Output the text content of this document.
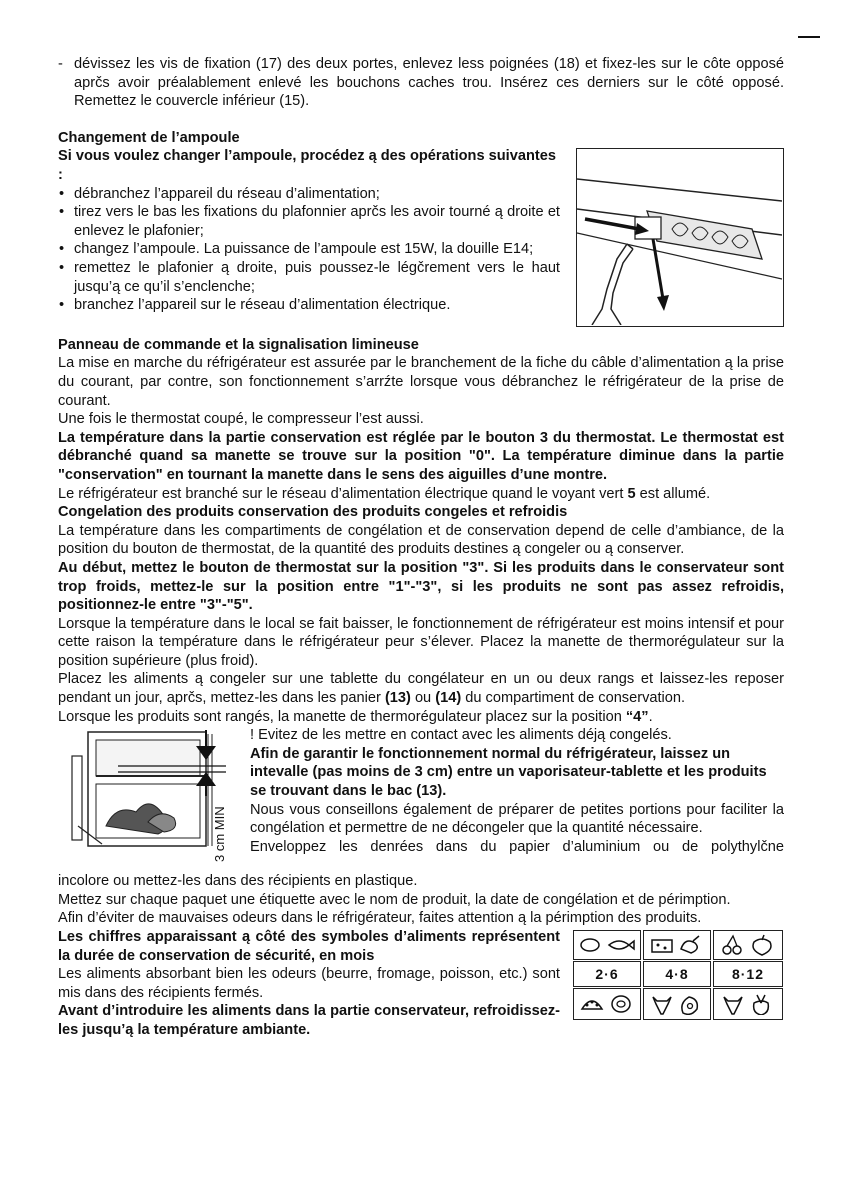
- dévissez les vis de fixation (17) des deux portes, enlevez less poignées (18) et fixez-les sur le côte opposé aprčs avoir préalablement enlevé les bouchons caches trou. Insérez ces derniers sur le côté opposé. Remettez le couvercle inférieur (15).

Changement de l’ampoule

Si vous voulez changer l’ampoule, procédez ą des opérations suivantes :

• débranchez l’appareil du réseau d’alimentation;
• tirez vers le bas les fixations du plafonnier aprčs les avoir tourné ą droite et enlevez le plafonier;
• changez l’ampoule. La puissance de l’ampoule est 15W, la douille E14;
• remettez le plafonier ą droite, puis poussez-le légčrement vers le haut jusqu’ą ce qu’il s’enclenche;
• branchez l’appareil sur le réseau d’alimentation électrique.

Panneau de commande et la signalisation limineuse

La mise en marche du réfrigérateur est assurée par le branchement de la fiche du câble d’alimentation ą la prise du courant, par contre, son fonctionnement s’arrźte lorsque vous débranchez le réfrigérateur de la prise de courant.

Une fois le thermostat coupé, le compresseur l’est aussi.

La température dans la partie conservation est réglée par le bouton 3 du thermostat. Le thermostat est débranché quand sa manette se trouve sur la position "0". La température diminue dans la partie "conservation" en tournant la manette dans le sens des aiguilles d’une montre.

Le réfrigérateur est branché sur le réseau d’alimentation électrique quand le voyant vert 5 est allumé.

Congelation des produits conservation des produits congeles et refroidis

La température dans les compartiments de congélation et de conservation depend de celle d’ambiance, de la position du bouton de thermostat, de la quantité des produits destines ą congeler ou ą conserver.

Au début, mettez le bouton de thermostat sur la position "3". Si les produits dans le conservateur sont trop froids, mettez-le sur la position entre "1"-"3", si les produits ne sont pas assez refroidis, positionnez-le entre "3"-"5".

Lorsque la température dans le local se fait baisser, le fonctionnement de réfrigérateur est moins intensif et pour cette raison la température dans le réfrigérateur peur s’élever. Placez la manette de thermorégulateur sur la position supérieure (plus froid).

Placez les aliments ą congeler sur une tablette du congélateur en un ou deux rangs et laissez-les reposer pendant un jour, aprčs, mettez-les dans les panier (13) ou (14) du compartiment de conservation.

Lorsque les produits sont rangés, la manette de thermorégulateur placez sur la position “4”.

3 cm MIN

! Evitez de les mettre en contact avec les aliments déją congelés.

Afin de garantir le fonctionnement normal du réfrigérateur, laissez un intevalle (pas moins de 3 cm) entre un vaporisateur-tablette et les produits se trouvant dans le bac (13).

Nous vous conseillons également de préparer de petites portions pour faciliter la congélation et permettre de ne décongeler que la quantité nécessaire.

Enveloppez les denrées dans du papier d’aluminium ou de polythylčne

incolore ou mettez-les dans des récipients en plastique.

Mettez sur chaque paquet une étiquette avec le nom de produit, la date de congélation et de périmption.

Afin d’éviter de mauvaises odeurs dans le réfrigérateur, faites attention ą la périmption des produits.

Les chiffres apparaissant ą côté des symboles d’aliments représentent la durée de conservation de sécurité, en mois

Les aliments absorbant bien les odeurs (beurre, fromage, poisson, etc.) sont mis dans des récipients fermés.

Avant d’introduire les aliments dans la partie conservateur, refroidissez-les jusqu’ą la température ambiante.

2·6	4·8	8·12
